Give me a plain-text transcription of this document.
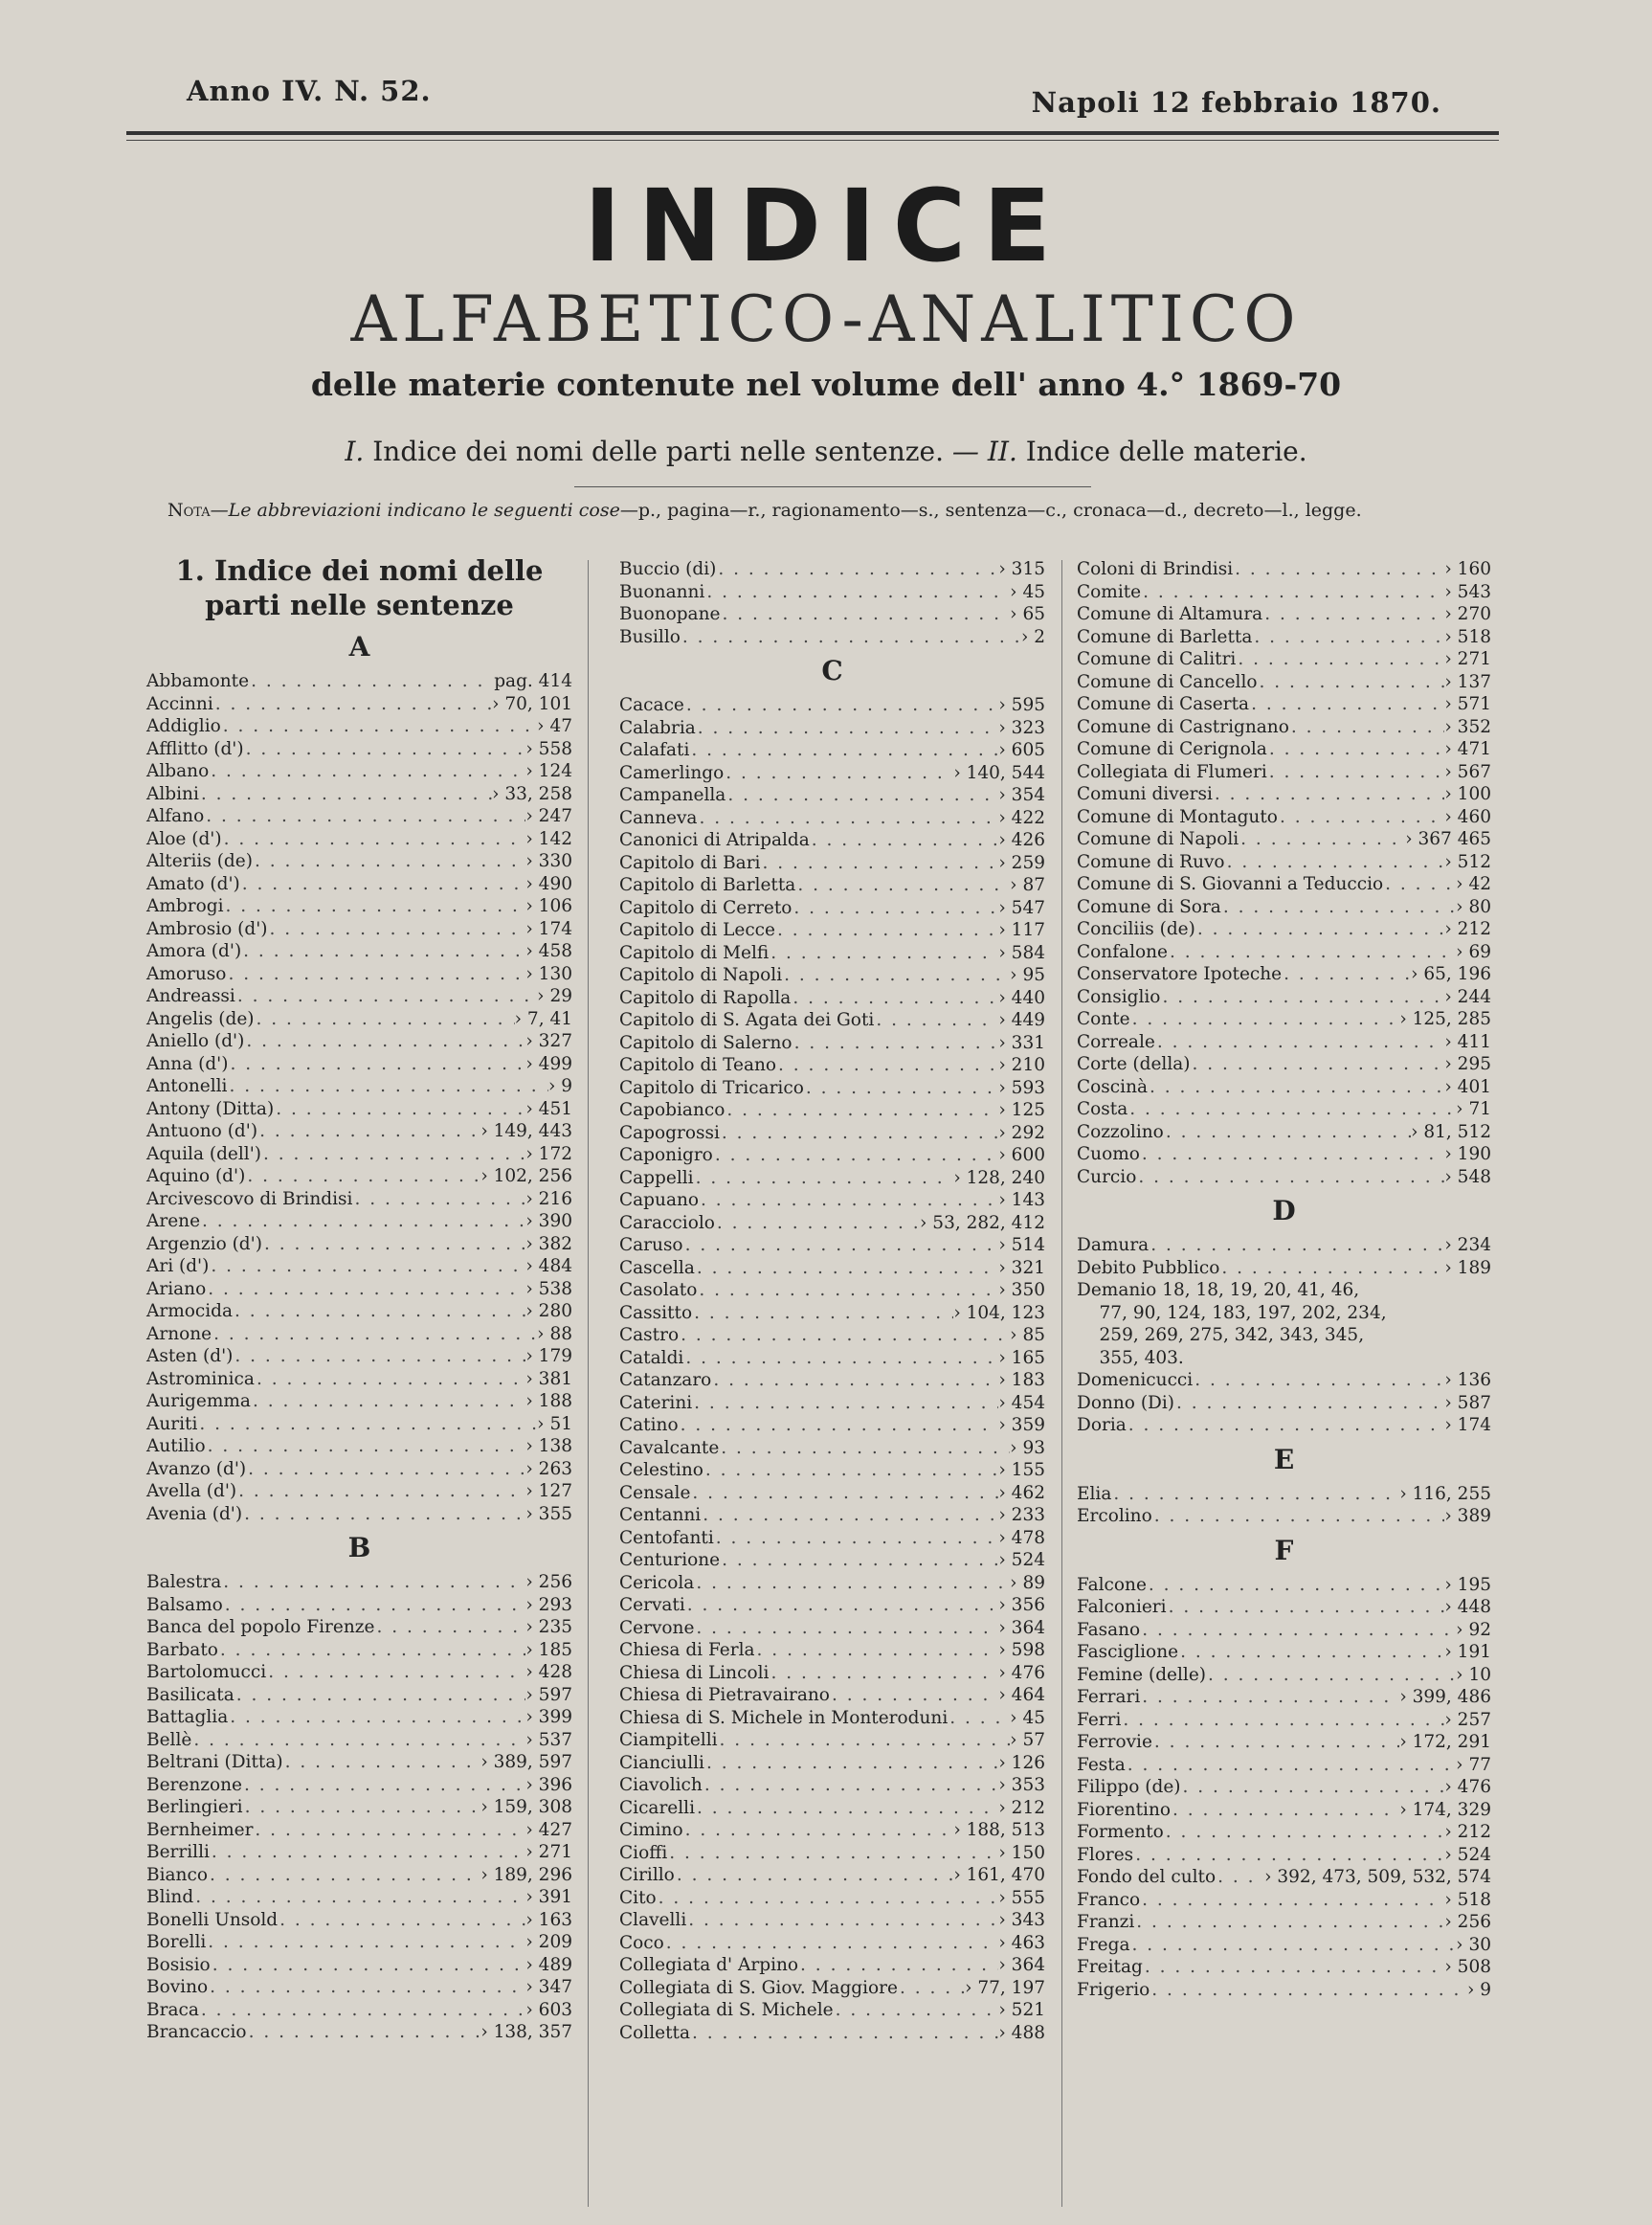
Anno IV. N. 52.	Napoli 12 febbraio 1870.
INDICE
ALFABETICO-ANALITICO
delle materie contenute nel volume dell' anno 4.° 1869-70
I. Indice dei nomi delle parti nelle sentenze. — II. Indice delle materie.
Nota—Le abbreviazioni indicano le seguenti cose—p., pagina—r., ragionamento—s., sentenza—c., cronaca—d., decreto—l., legge.
1. Indice dei nomi delle parti nelle sentenze
A
Abbamonte . . .	pag. 414
Accinni . . .	› 70, 101
Addiglio . . .	› 47
Afflitto (d') . . .	› 558
Albano . . .	› 124
Albini . . .	› 33, 258
Alfano . . .	› 247
Aloe (d') . . .	› 142
Alteriis (de) . . .	› 330
Amato (d') . . .	› 490
Ambrogi . . .	› 106
Ambrosio (d') . . .	› 174
Amora (d') . . .	› 458
Amoruso . . .	› 130
Andreassi . . .	› 29
Angelis (de) . . .	› 7, 41
Aniello (d') . . .	› 327
Anna (d') . . .	› 499
Antonelli . . .	› 9
Antony (Ditta) . . .	› 451
Antuono (d') . . .	› 149, 443
Aquila (dell') . . .	› 172
Aquino (d') . . .	› 102, 256
Arcivescovo di Brindisi . . .	› 216
Arene . . .	› 390
Argenzio (d') . . .	› 382
Ari (d') . . .	› 484
Ariano . . .	› 538
Armocida . . .	› 280
Arnone . . .	› 88
Asten (d') . . .	› 179
Astrominica . . .	› 381
Aurigemma . . .	› 188
Auriti . . .	› 51
Autilio . . .	› 138
Avanzo (d') . . .	› 263
Avella (d') . . .	› 127
Avenia (d') . . .	› 355
B
Balestra . . .	› 256
Balsamo . . .	› 293
Banca del popolo Firenze . . .	› 235
Barbato . . .	› 185
Bartolomucci . . .	› 428
Basilicata . . .	› 597
Battaglia . . .	› 399
Bellè . . .	› 537
Beltrani (Ditta) . . .	› 389, 597
Berenzone . . .	› 396
Berlingieri . . .	› 159, 308
Bernheimer . . .	› 427
Berrilli . . .	› 271
Bianco . . .	› 189, 296
Blind . . .	› 391
Bonelli Unsold . . .	› 163
Borelli . . .	› 209
Bosisio . . .	› 489
Bovino . . .	› 347
Braca . . .	› 603
Brancaccio . . .	› 138, 357
Buccio (di) . . .	› 315
Buonanni . . .	› 45
Buonopane . . .	› 65
Busillo . . .	› 2
C
Cacace . . .	› 595
Calabria . . .	› 323
Calafati . . .	› 605
Camerlingo . . .	› 140, 544
Campanella . . .	› 354
Canneva . . .	› 422
Canonici di Atripalda . . .	› 426
Capitolo di Bari . . .	› 259
Capitolo di Barletta . . .	› 87
Capitolo di Cerreto . . .	› 547
Capitolo di Lecce . . .	› 117
Capitolo di Melfi . . .	› 584
Capitolo di Napoli . . .	› 95
Capitolo di Rapolla . . .	› 440
Capitolo di S. Agata dei Goti . . .	› 449
Capitolo di Salerno . . .	› 331
Capitolo di Teano . . .	› 210
Capitolo di Tricarico . . .	› 593
Capobianco . . .	› 125
Capogrossi . . .	› 292
Caponigro . . .	› 600
Cappelli . . .	› 128, 240
Capuano . . .	› 143
Caracciolo . . .	› 53, 282, 412
Caruso . . .	› 514
Cascella . . .	› 321
Casolato . . .	› 350
Cassitto . . .	› 104, 123
Castro . . .	› 85
Cataldi . . .	› 165
Catanzaro . . .	› 183
Caterini . . .	› 454
Catino . . .	› 359
Cavalcante . . .	› 93
Celestino . . .	› 155
Censale . . .	› 462
Centanni . . .	› 233
Centofanti . . .	› 478
Centurione . . .	› 524
Cericola . . .	› 89
Cervati . . .	› 356
Cervone . . .	› 364
Chiesa di Ferla . . .	› 598
Chiesa di Lincoli . . .	› 476
Chiesa di Pietravairano . . .	› 464
Chiesa di S. Michele in Monteroduni . . .	› 45
Ciampitelli . . .	› 57
Cianciulli . . .	› 126
Ciavolich . . .	› 353
Cicarelli . . .	› 212
Cimino . . .	› 188, 513
Cioffi . . .	› 150
Cirillo . . .	› 161, 470
Cito . . .	› 555
Clavelli . . .	› 343
Coco . . .	› 463
Collegiata d' Arpino . . .	› 364
Collegiata di S. Giov. Maggiore . . .	› 77, 197
Collegiata di S. Michele . . .	› 521
Colletta . . .	› 488
Coloni di Brindisi . . .	› 160
Comite . . .	› 543
Comune di Altamura . . .	› 270
Comune di Barletta . . .	› 518
Comune di Calitri . . .	› 271
Comune di Cancello . . .	› 137
Comune di Caserta . . .	› 571
Comune di Castrignano . . .	› 352
Comune di Cerignola . . .	› 471
Collegiata di Flumeri . . .	› 567
Comuni diversi . . .	› 100
Comune di Montaguto . . .	› 460
Comune di Napoli . . .	› 367 465
Comune di Ruvo . . .	› 512
Comune di S. Giovanni a Teduccio . . .	› 42
Comune di Sora . . .	› 80
Conciliis (de) . . .	› 212
Confalone . . .	› 69
Conservatore Ipoteche . . .	› 65, 196
Consiglio . . .	› 244
Conte . . .	› 125, 285
Correale . . .	› 411
Corte (della) . . .	› 295
Coscinà . . .	› 401
Costa . . .	› 71
Cozzolino . . .	› 81, 512
Cuomo . . .	› 190
Curcio . . .	› 548
D
Damura . . .	› 234
Debito Pubblico . . .	› 189
Demanio 18, 18, 19, 20, 41, 46,
77, 90, 124, 183, 197, 202, 234,
259, 269, 275, 342, 343, 345,
355, 403.
Domenicucci . . .	› 136
Donno (Di) . . .	› 587
Doria . . .	› 174
E
Elia . . .	› 116, 255
Ercolino . . .	› 389
F
Falcone . . .	› 195
Falconieri . . .	› 448
Fasano . . .	› 92
Fasciglione . . .	› 191
Femine (delle) . . .	› 10
Ferrari . . .	› 399, 486
Ferri . . .	› 257
Ferrovie . . .	› 172, 291
Festa . . .	› 77
Filippo (de) . . .	› 476
Fiorentino . . .	› 174, 329
Formento . . .	› 212
Flores . . .	› 524
Fondo del culto . . .	› 392, 473, 509, 532, 574
Franco . . .	› 518
Franzi . . .	› 256
Frega . . .	› 30
Freitag . . .	› 508
Frigerio . . .	› 9
